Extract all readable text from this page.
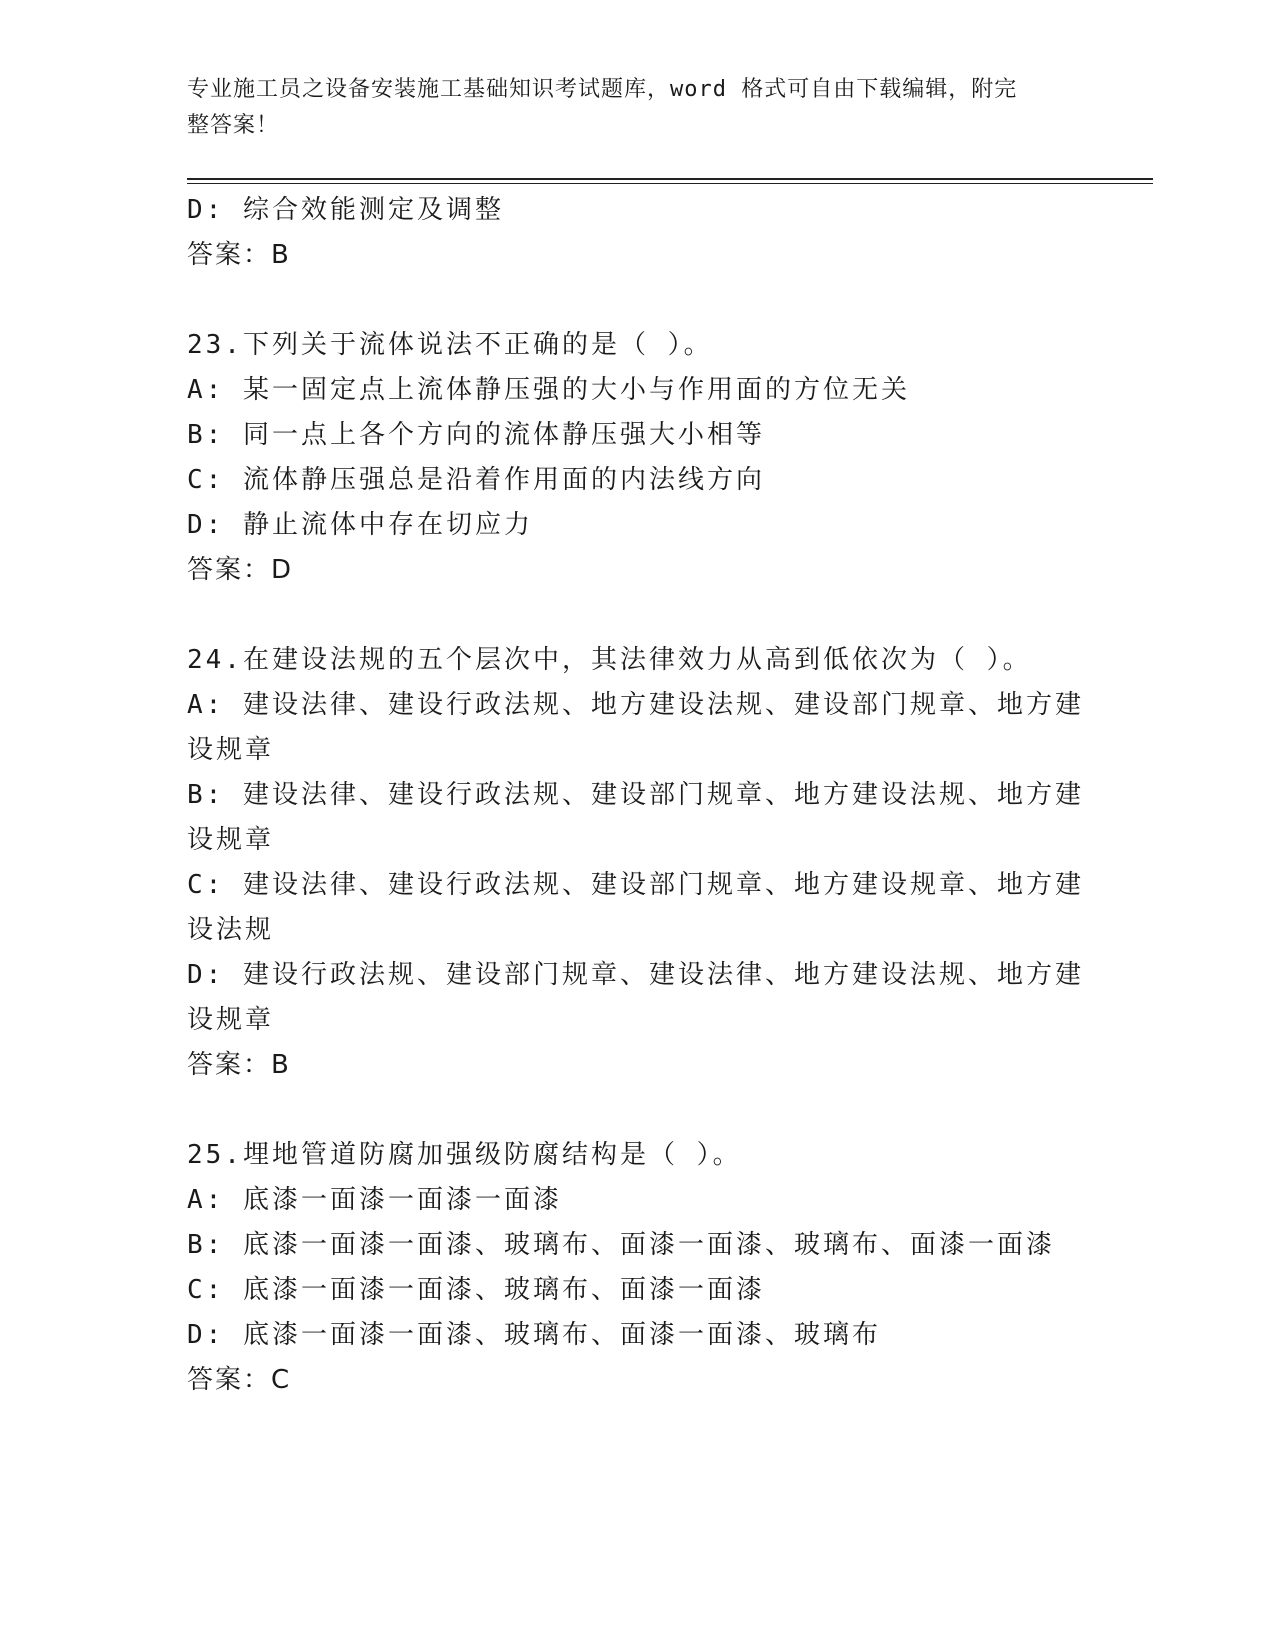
专业施工员之设备安装施工基础知识考试题库，word 格式可自由下载编辑，附完
整答案！
D: 综合效能测定及调整
答案：B
23.下列关于流体说法不正确的是（ ）。
A: 某一固定点上流体静压强的大小与作用面的方位无关
B: 同一点上各个方向的流体静压强大小相等
C: 流体静压强总是沿着作用面的内法线方向
D: 静止流体中存在切应力
答案：D
24.在建设法规的五个层次中，其法律效力从高到低依次为（ ）。
A: 建设法律、建设行政法规、地方建设法规、建设部门规章、地方建
设规章
B: 建设法律、建设行政法规、建设部门规章、地方建设法规、地方建
设规章
C: 建设法律、建设行政法规、建设部门规章、地方建设规章、地方建
设法规
D: 建设行政法规、建设部门规章、建设法律、地方建设法规、地方建
设规章
答案：B
25.埋地管道防腐加强级防腐结构是（ ）。
A: 底漆一面漆一面漆一面漆
B: 底漆一面漆一面漆、玻璃布、面漆一面漆、玻璃布、面漆一面漆
C: 底漆一面漆一面漆、玻璃布、面漆一面漆
D: 底漆一面漆一面漆、玻璃布、面漆一面漆、玻璃布
答案：C
